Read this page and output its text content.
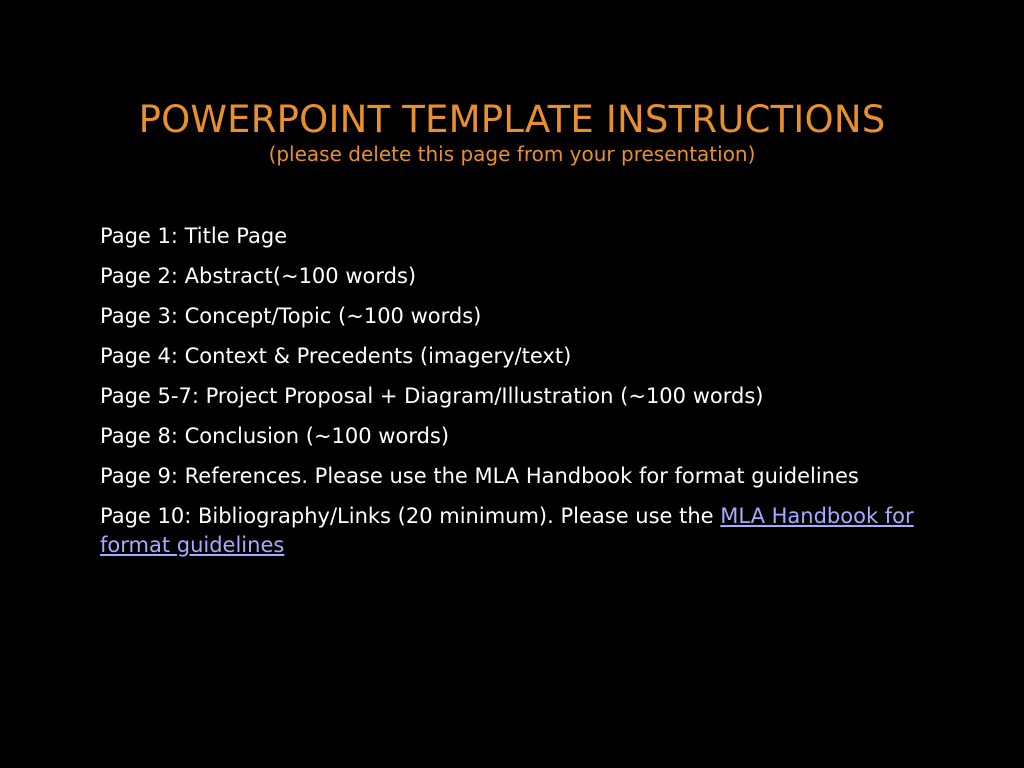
POWERPOINT TEMPLATE INSTRUCTIONS
(please delete this page from your presentation)
Page 1: Title Page
Page 2: Abstract(~100 words)
Page 3: Concept/Topic (~100 words)
Page 4: Context & Precedents (imagery/text)
Page 5-7: Project Proposal + Diagram/Illustration (~100 words)
Page 8: Conclusion (~100 words)
Page 9: References. Please use the MLA Handbook for format guidelines
Page 10: Bibliography/Links (20 minimum). Please use the MLA Handbook for format guidelines
